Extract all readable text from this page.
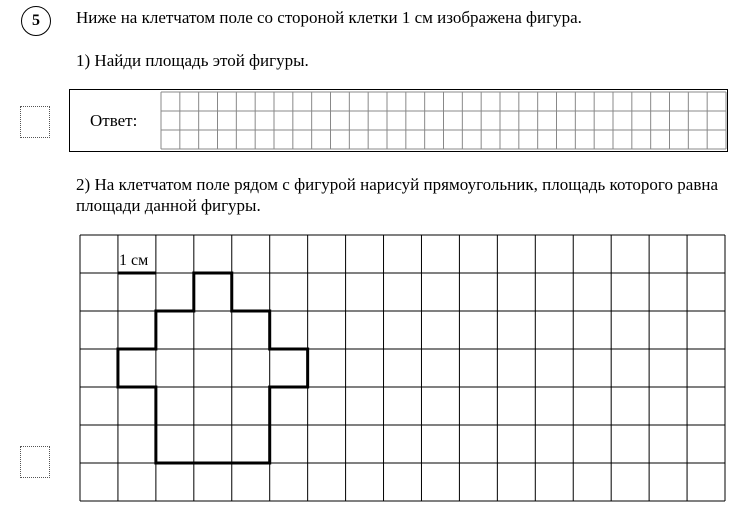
5 Ниже на клетчатом поле со стороной клетки 1 см изображена фигура.
1) Найди площадь этой фигуры.
Ответ:
2) На клетчатом поле рядом с фигурой нарисуй прямоугольник, площадь которого равна площади данной фигуры.
1 см
